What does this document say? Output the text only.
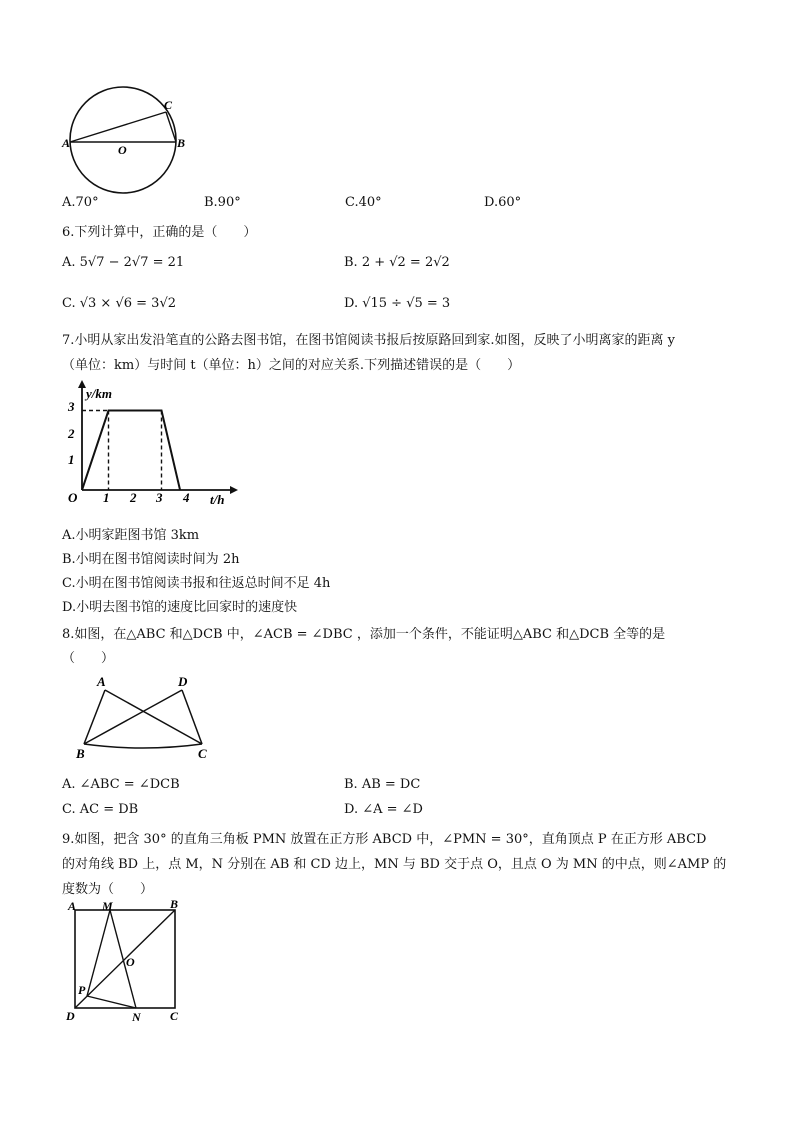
A	O	B
C
A.70°	B.90°	C.40°	D.60°
6.下列计算中，正确的是（　　）
A. 5√7 − 2√7 = 21	B. 2 + √2 = 2√2
C. √3 × √6 = 3√2	D. √15 ÷ √5 = 3
7.小明从家出发沿笔直的公路去图书馆，在图书馆阅读书报后按原路回到家.如图，反映了小明离家的距离 y
（单位：km）与时间 t（单位：h）之间的对应关系.下列描述错误的是（　　）
y/km
t/h
O
1
2
3
1 2 3 4
A.小明家距图书馆 3km
B.小明在图书馆阅读时间为 2h
C.小明在图书馆阅读书报和往返总时间不足 4h
D.小明去图书馆的速度比回家时的速度快
8.如图，在△ABC 和△DCB 中，∠ACB = ∠DBC ，添加一个条件，不能证明△ABC 和△DCB 全等的是
（　　）
A	D
B	C
A. ∠ABC = ∠DCB	B. AB = DC
C. AC = DB	D. ∠A = ∠D
9.如图，把含 30° 的直角三角板 PMN 放置在正方形 ABCD 中，∠PMN = 30°，直角顶点 P 在正方形 ABCD
的对角线 BD 上，点 M，N 分别在 AB 和 CD 边上，MN 与 BD 交于点 O，且点 O 为 MN 的中点，则∠AMP 的
度数为（　　）
A M	B
O
P
D	N C
